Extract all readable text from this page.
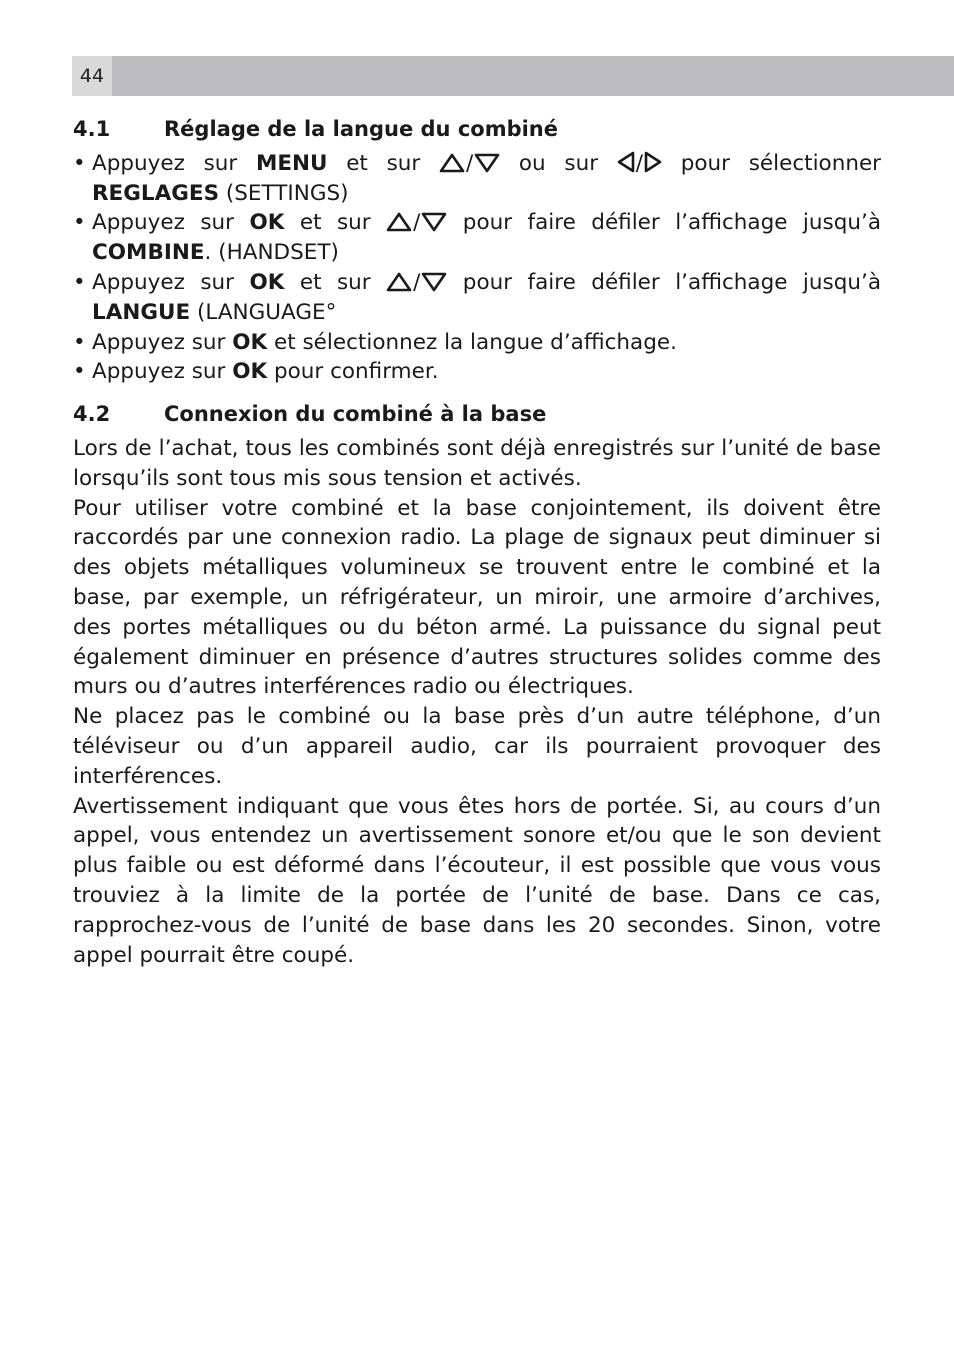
44
4.1	Réglage de la langue du combiné
• Appuyez sur MENU et sur
/
ou sur
/
pour sélectionner REGLAGES (SETTINGS)
• Appuyez sur OK et sur
/
pour faire défiler l’affichage jusqu’à COMBINE. (HANDSET)
• Appuyez sur OK et sur
/
pour faire défiler l’affichage jusqu’à LANGUE (LANGUAGE°
• Appuyez sur OK et sélectionnez la langue d’affichage.
• Appuyez sur OK pour confirmer.
4.2	Connexion du combiné à la base

Lors de l’achat, tous les combinés sont déjà enregistrés sur l’unité de base lorsqu’ils sont tous mis sous tension et activés.

Pour utiliser votre combiné et la base conjointement, ils doivent être raccordés par une connexion radio. La plage de signaux peut diminuer si des objets métalliques volumineux se trouvent entre le combiné et la base, par exemple, un réfrigérateur, un miroir, une armoire d’archives, des portes métalliques ou du béton armé. La puissance du signal peut également diminuer en présence d’autres structures solides comme des murs ou d’autres interférences radio ou électriques.

Ne placez pas le combiné ou la base près d’un autre téléphone, d’un téléviseur ou d’un appareil audio, car ils pourraient provoquer des interférences.

Avertissement indiquant que vous êtes hors de portée. Si, au cours d’un appel, vous entendez un avertissement sonore et/ou que le son devient plus faible ou est déformé dans l’écouteur, il est possible que vous vous trouviez à la limite de la portée de l’unité de base. Dans ce cas, rapprochez-vous de l’unité de base dans les 20 secondes. Sinon, votre appel pourrait être coupé.
